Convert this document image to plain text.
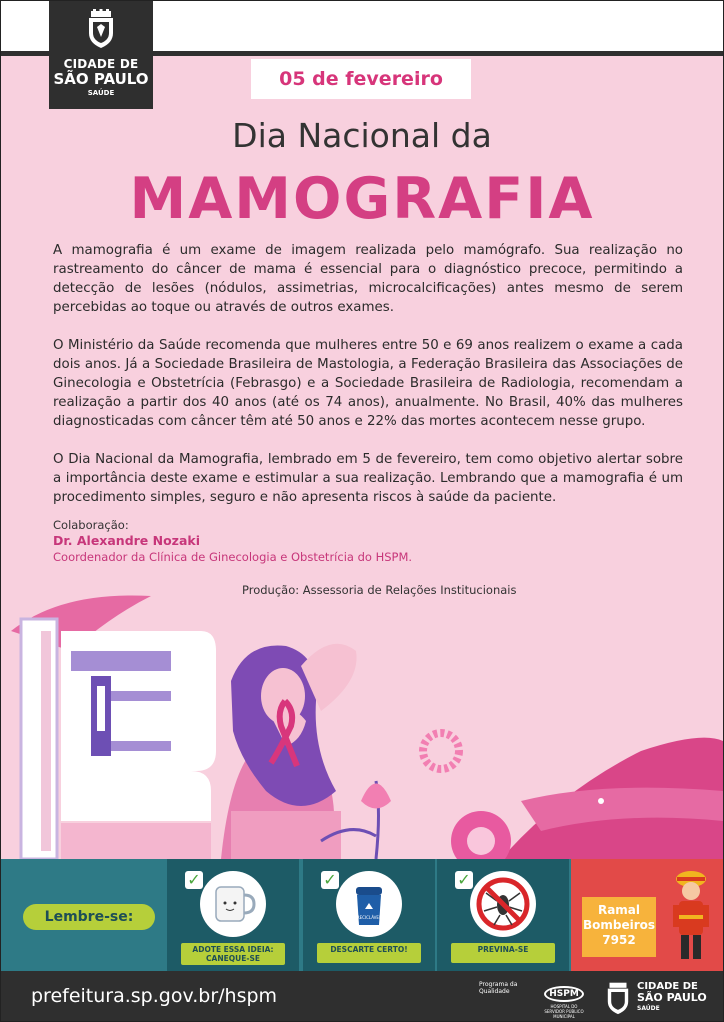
CIDADE DE
SÃO PAULO
SAÚDE
05 de fevereiro
Dia Nacional da
MAMOGRAFIA

A mamografia é um exame de imagem realizada pelo mamógrafo. Sua realização no rastreamento do câncer de mama é essencial para o diagnóstico precoce, permitindo a detecção de lesões (nódulos, assimetrias, microcalcificações) antes mesmo de serem percebidas ao toque ou através de outros exames.

O Ministério da Saúde recomenda que mulheres entre 50 e 69 anos realizem o exame a cada dois anos. Já a Sociedade Brasileira de Mastologia, a Federação Brasileira das Associações de Ginecologia e Obstetrícia (Febrasgo) e a Sociedade Brasileira de Radiologia, recomendam a realização a partir dos 40 anos (até os 74 anos), anualmente. No Brasil, 40% das mulheres diagnosticadas com câncer têm até 50 anos e 22% das mortes acontecem nesse grupo.

O Dia Nacional da Mamografia, lembrado em 5 de fevereiro, tem como objetivo alertar sobre a importância deste exame e estimular a sua realização. Lembrando que a mamografia é um procedimento simples, seguro e não apresenta riscos à saúde da paciente.

Colaboração:
Dr. Alexandre Nozaki
Coordenador da Clínica de Ginecologia e Obstetrícia do HSPM.
Produção: Assessoria de Relações Institucionais
Lembre-se:
✓
ADOTE ESSA IDEIA: CANEQUE-SE
✓
RECICLÁVEL
DESCARTE CERTO!
✓
PREVINA-SE
Ramal
Bombeiros
7952
prefeitura.sp.gov.br/hspm
Programa da
Qualidade	HSPM
HOSPITAL DO SERVIDOR PÚBLICO MUNICIPAL
CIDADE DE
SÃO PAULO
SAÚDE
